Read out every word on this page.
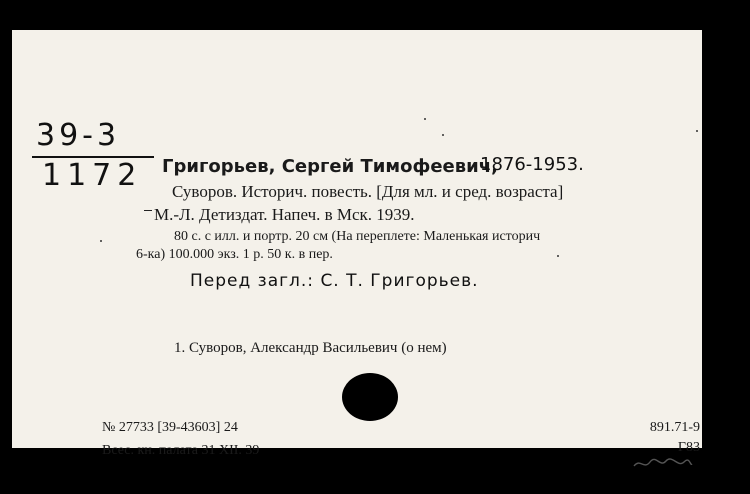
39-3
1172 Григорьев, Сергей Тимофеевич,
1876-1953.
Суворов. Историч. повесть. [Для мл. и сред. возраста]
М.-Л. Детиздат. Напеч. в Мск. 1939.
80 с. с илл. и портр. 20 см (На переплете: Маленькая историч
6-ка) 100.000 экз. 1 р. 50 к. в пер.
Перед загл.: С. Т. Григорьев.
1. Суворов, Александр Васильевич (о нем)
№ 27733 [39-43603] 24
Всес. кн. палата 31 XII. 39
891.71-9
Г83
